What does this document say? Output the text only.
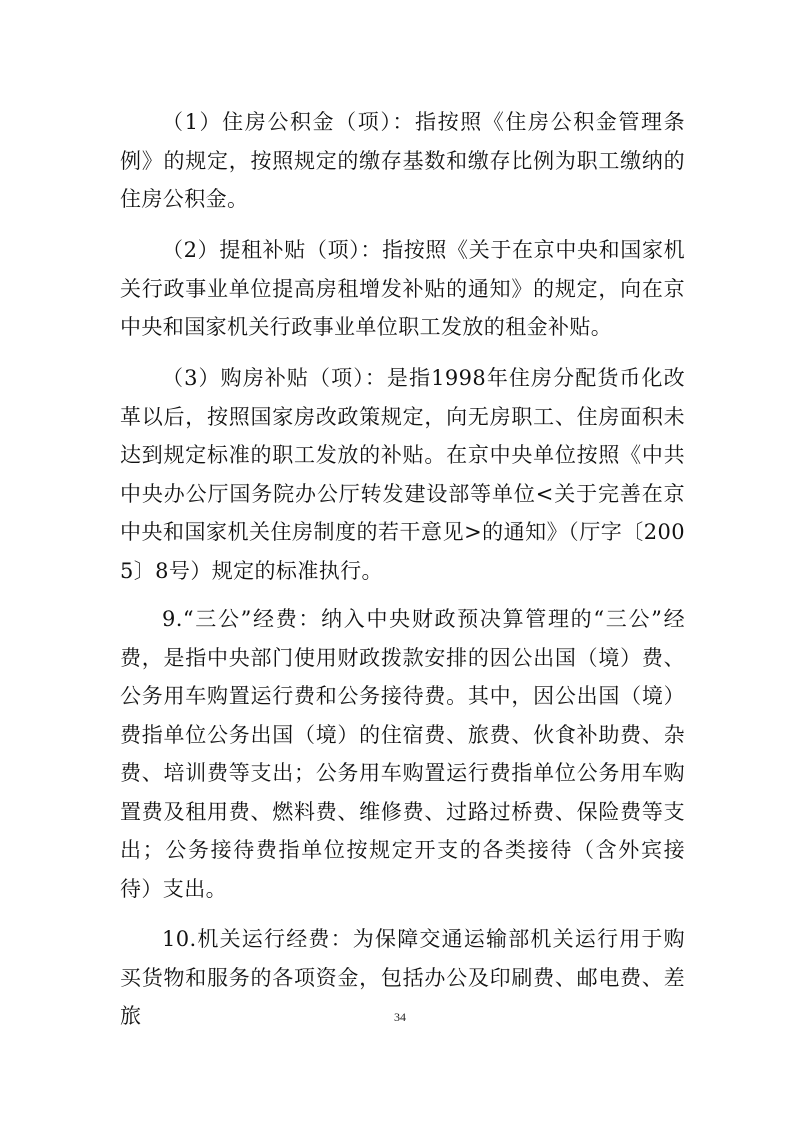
（1）住房公积金（项）：指按照《住房公积金管理条例》的规定，按照规定的缴存基数和缴存比例为职工缴纳的住房公积金。

（2）提租补贴（项）：指按照《关于在京中央和国家机关行政事业单位提高房租增发补贴的通知》的规定，向在京中央和国家机关行政事业单位职工发放的租金补贴。

（3）购房补贴（项）：是指1998年住房分配货币化改革以后，按照国家房改政策规定，向无房职工、住房面积未达到规定标准的职工发放的补贴。在京中央单位按照《中共中央办公厅国务院办公厅转发建设部等单位<关于完善在京中央和国家机关住房制度的若干意见>的通知》（厅字〔2005〕8号）规定的标准执行。

9.“三公”经费：纳入中央财政预决算管理的“三公”经费，是指中央部门使用财政拨款安排的因公出国（境）费、公务用车购置运行费和公务接待费。其中，因公出国（境）费指单位公务出国（境）的住宿费、旅费、伙食补助费、杂费、培训费等支出；公务用车购置运行费指单位公务用车购置费及租用费、燃料费、维修费、过路过桥费、保险费等支出；公务接待费指单位按规定开支的各类接待（含外宾接待）支出。

10.机关运行经费：为保障交通运输部机关运行用于购买货物和服务的各项资金，包括办公及印刷费、邮电费、差旅	34
